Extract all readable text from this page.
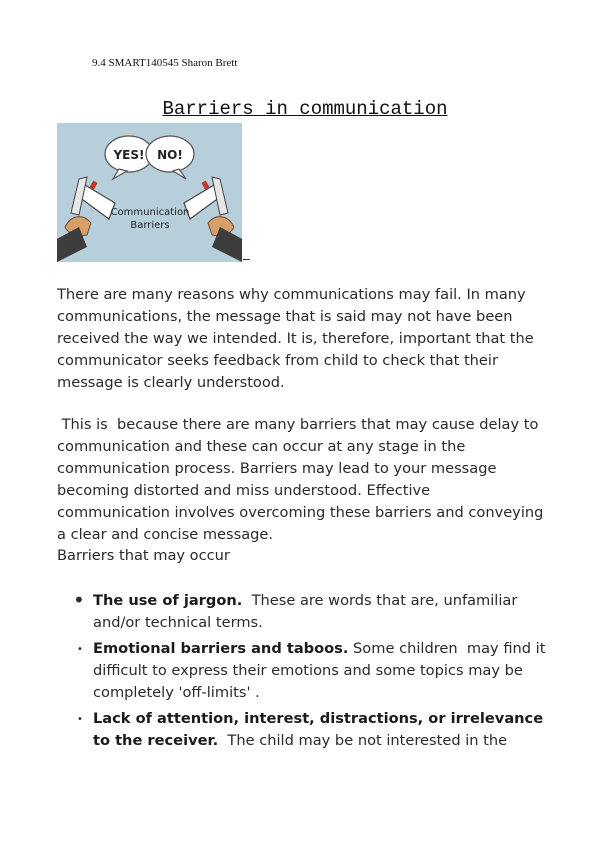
9.4 SMART140545 Sharon Brett
Barriers in communication
YES! NO!
Communication
Barriers
There are many reasons why communications may fail. In many communications, the message that is said may not have been received the way we intended. It is, therefore, important that the communicator seeks feedback from child to check that their message is clearly understood.
This is  because there are many barriers that may cause delay to communication and these can occur at any stage in the communication process. Barriers may lead to your message becoming distorted and miss understood. Effective communication involves overcoming these barriers and conveying a clear and concise message.
Barriers that may occur
• The use of jargon.  These are words that are, unfamiliar and/or technical terms.
• Emotional barriers and taboos. Some children  may find it difficult to express their emotions and some topics may be completely 'off-limits' .
• Lack of attention, interest, distractions, or irrelevance to the receiver.  The child may be not interested in the
